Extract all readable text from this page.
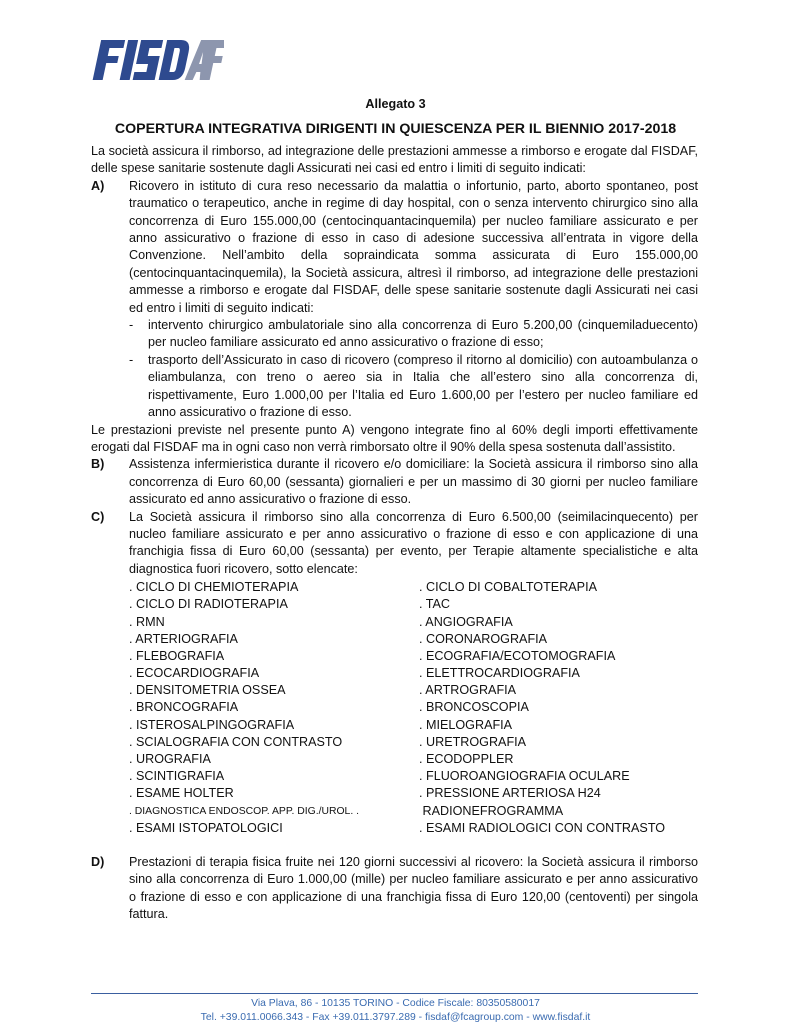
Allegato 3
COPERTURA INTEGRATIVA DIRIGENTI IN QUIESCENZA PER IL BIENNIO 2017-2018

La società assicura il rimborso, ad integrazione delle prestazioni ammesse a rimborso e erogate dal FISDAF, delle spese sanitarie sostenute dagli Assicurati nei casi ed entro i limiti di seguito indicati:

A) Ricovero in istituto di cura reso necessario da malattia o infortunio, parto, aborto spontaneo, post traumatico o terapeutico, anche in regime di day hospital, con o senza intervento chirurgico sino alla concorrenza di Euro 155.000,00 (centocinquantacinquemila) per nucleo familiare assicurato e per anno assicurativo o frazione di esso in caso di adesione successiva all’entrata in vigore della Convenzione. Nell’ambito della sopraindicata somma assicurata di Euro 155.000,00 (centocinquantacinquemila), la Società assicura, altresì il rimborso, ad integrazione delle prestazioni ammesse a rimborso e erogate dal FISDAF, delle spese sanitarie sostenute dagli Assicurati nei casi ed entro i limiti di seguito indicati:

- intervento chirurgico ambulatoriale sino alla concorrenza di Euro 5.200,00 (cinquemiladuecento) per nucleo familiare assicurato ed anno assicurativo o frazione di esso;
- trasporto dell’Assicurato in caso di ricovero (compreso il ritorno al domicilio) con autoambulanza o eliambulanza, con treno o aereo sia in Italia che all’estero sino alla concorrenza di, rispettivamente, Euro 1.000,00 per l’Italia ed Euro 1.600,00 per l’estero per nucleo familiare ed anno assicurativo o frazione di esso.

Le prestazioni previste nel presente punto A) vengono integrate fino al 60% degli importi effettivamente erogati dal FISDAF ma in ogni caso non verrà rimborsato oltre il 90% della spesa sostenuta dall’assistito.

B) Assistenza infermieristica durante il ricovero e/o domiciliare: la Società assicura il rimborso sino alla concorrenza di Euro 60,00 (sessanta) giornalieri e per un massimo di 30 giorni per nucleo familiare assicurato ed anno assicurativo o frazione di esso.

C) La Società assicura il rimborso sino alla concorrenza di Euro 6.500,00 (seimilacinquecento) per nucleo familiare assicurato e per anno assicurativo o frazione di esso e con applicazione di una franchigia fissa di Euro 60,00 (sessanta) per evento, per Terapie altamente specialistiche e alta diagnostica fuori ricovero, sotto elencate:

. CICLO DI CHEMIOTERAPIA	. CICLO DI COBALTOTERAPIA
. CICLO DI RADIOTERAPIA	. TAC
. RMN	. ANGIOGRAFIA
. ARTERIOGRAFIA	. CORONAROGRAFIA
. FLEBOGRAFIA	. ECOGRAFIA/ECOTOMOGRAFIA
. ECOCARDIOGRAFIA	. ELETTROCARDIOGRAFIA
. DENSITOMETRIA OSSEA	. ARTROGRAFIA
. BRONCOGRAFIA	. BRONCOSCOPIA
. ISTEROSALPINGOGRAFIA	. MIELOGRAFIA
. SCIALOGRAFIA CON CONTRASTO	. URETROGRAFIA
. UROGRAFIA	. ECODOPPLER
. SCINTIGRAFIA	. FLUOROANGIOGRAFIA OCULARE
. ESAME HOLTER	. PRESSIONE ARTERIOSA H24
. DIAGNOSTICA ENDOSCOP. APP. DIG./UROL. .	RADIONEFROGRAMMA
. ESAMI ISTOPATOLOGICI	. ESAMI RADIOLOGICI CON CONTRASTO
D) Prestazioni di terapia fisica fruite nei 120 giorni successivi al ricovero: la Società assicura il rimborso sino alla concorrenza di Euro 1.000,00 (mille) per nucleo familiare assicurato e per anno assicurativo o frazione di esso e con applicazione di una franchigia fissa di Euro 120,00 (centoventi) per singola fattura.

Via Plava, 86 - 10135 TORINO - Codice Fiscale: 80350580017
Tel. +39.011.0066.343 - Fax +39.011.3797.289 - fisdaf@fcagroup.com - www.fisdaf.it
